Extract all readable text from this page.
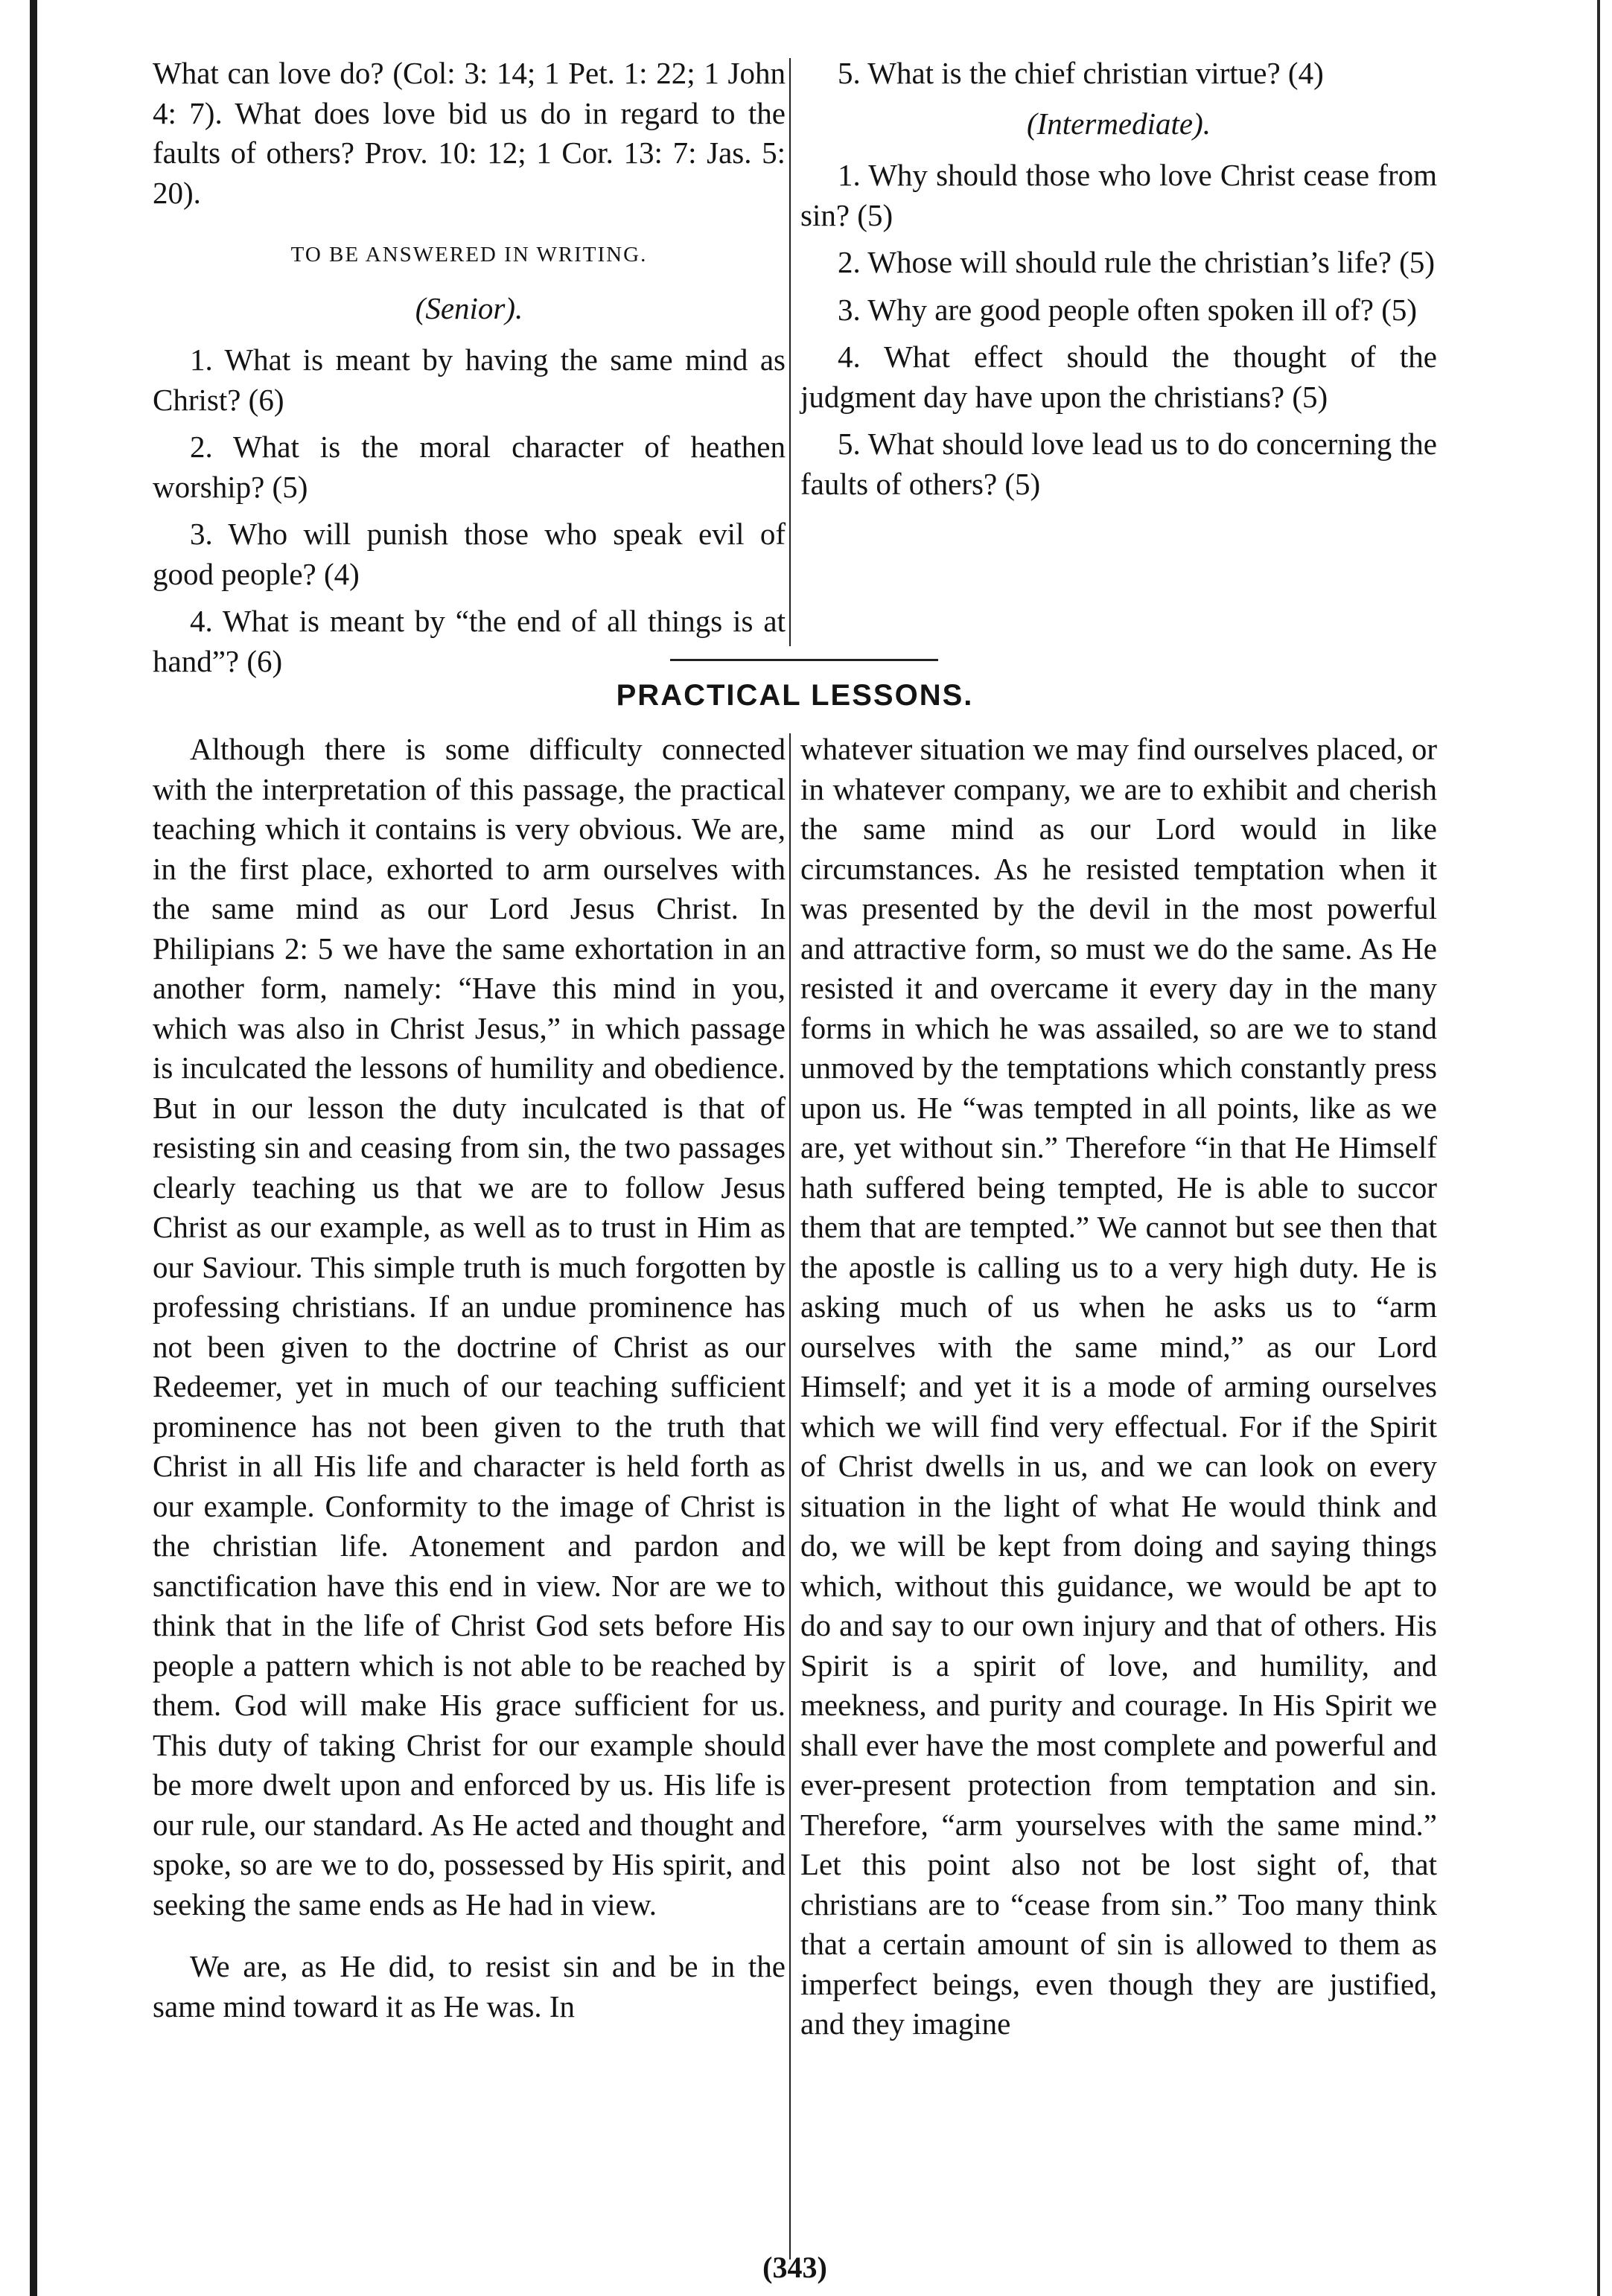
What can love do? (Col: 3: 14; 1 Pet. 1: 22; 1 John 4: 7). What does love bid us do in regard to the faults of others? Prov. 10: 12; 1 Cor. 13: 7: Jas. 5: 20).

TO BE ANSWERED IN WRITING.

(Senior).

1. What is meant by having the same mind as Christ? (6)

2. What is the moral character of heathen worship? (5)

3. Who will punish those who speak evil of good people? (4)

4. What is meant by “the end of all things is at hand”? (6)

5. What is the chief christian virtue? (4)

(Intermediate).

1. Why should those who love Christ cease from sin? (5)

2. Whose will should rule the christian’s life? (5)

3. Why are good people often spoken ill of? (5)

4. What effect should the thought of the judgment day have upon the christians? (5)

5. What should love lead us to do concerning the faults of others? (5)

PRACTICAL LESSONS.

Although there is some difficulty connected with the interpretation of this passage, the practical teaching which it contains is very obvious. We are, in the first place, exhorted to arm ourselves with the same mind as our Lord Jesus Christ. In Philipians 2: 5 we have the same exhortation in an another form, namely: “Have this mind in you, which was also in Christ Jesus,” in which passage is inculcated the lessons of humility and obedience. But in our lesson the duty inculcated is that of resisting sin and ceasing from sin, the two passages clearly teaching us that we are to follow Jesus Christ as our example, as well as to trust in Him as our Saviour. This simple truth is much forgotten by professing christians. If an undue prominence has not been given to the doctrine of Christ as our Redeemer, yet in much of our teaching sufficient prominence has not been given to the truth that Christ in all His life and character is held forth as our example. Conformity to the image of Christ is the christian life. Atonement and pardon and sanctification have this end in view. Nor are we to think that in the life of Christ God sets before His people a pattern which is not able to be reached by them. God will make His grace sufficient for us. This duty of taking Christ for our example should be more dwelt upon and enforced by us. His life is our rule, our standard. As He acted and thought and spoke, so are we to do, possessed by His spirit, and seeking the same ends as He had in view.

We are, as He did, to resist sin and be in the same mind toward it as He was. In

whatever situation we may find ourselves placed, or in whatever company, we are to exhibit and cherish the same mind as our Lord would in like circumstances. As he resisted temptation when it was presented by the devil in the most powerful and attractive form, so must we do the same. As He resisted it and overcame it every day in the many forms in which he was assailed, so are we to stand unmoved by the temptations which constantly press upon us. He “was tempted in all points, like as we are, yet without sin.” Therefore “in that He Himself hath suffered being tempted, He is able to succor them that are tempted.” We cannot but see then that the apostle is calling us to a very high duty. He is asking much of us when he asks us to “arm ourselves with the same mind,” as our Lord Himself; and yet it is a mode of arming ourselves which we will find very effectual. For if the Spirit of Christ dwells in us, and we can look on every situation in the light of what He would think and do, we will be kept from doing and saying things which, without this guidance, we would be apt to do and say to our own injury and that of others. His Spirit is a spirit of love, and humility, and meekness, and purity and courage. In His Spirit we shall ever have the most complete and powerful and ever-present protection from temptation and sin. Therefore, “arm yourselves with the same mind.” Let this point also not be lost sight of, that christians are to “cease from sin.” Too many think that a certain amount of sin is allowed to them as imperfect beings, even though they are justified, and they imagine

(343)
